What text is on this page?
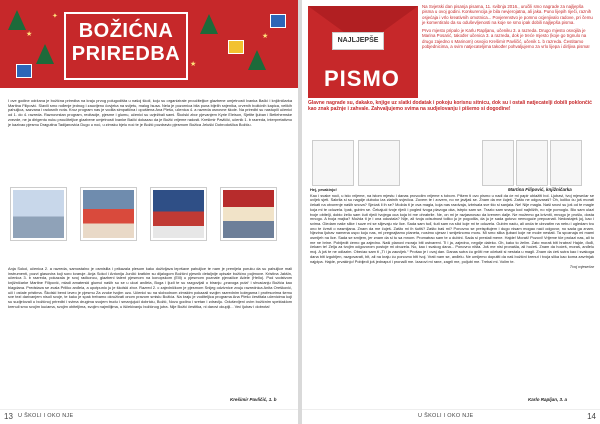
★
★
★
✦
BOŽIĆNA
PRIREDBA
I ove godine održana je božićna priredba na kraju prvog polugodišta u našoj školi, koju su organizirale proučiteljice glazbene umjetnosti Ivanka Bačić i knjižničarka Martina Filipović. Slavili smo rođenje jednog i zauvijeno čovjeka na svijetu, malog Isusa. Nela je pozornica bila puna bijelih snjenika, crvenih božićnih kapica, velikih pahuljica, sazvana i radosnih nota. Kroz program nas je vodila simpatična i opuštena Ana Plešo, učenica 4. a razreda osnovne škole. Na priredbi su nastupili učenici od 1. do 4. razreda. Raznovrstan program, recitacije, pjesme i glumu, učenici su uvježbali sami. Školski zbor pjevanjem Kyrie Eleison, Sjetite ljuban i Betlehemske zvezde, ne ja dirigentu nuku proučiteljice glazbene umjetnosti Ivanke Bačić dokazao da je Božić vrijeme radosti. Krešimir Pavličić, učenik 1. b razreda, interpretativno je kazivao pjesmu Dragutina Tadijanovića Dugo u noć, u zimsku bjelu noć te je Božić pozdravio pjesmom Božica Jelušić Dobrodošlica Božiću.
Anja Sokol, učenica 2. a razreda, samostalno je osmislila i prikazala plesom kako doživljava lepršave pahuljice te nam je prenijela poruku da su pahuljice mali instrumenti, pozvi glasovira koji soro kvaruje. Anja Sokol i Antonija Junčić kratkim su dijalogom Božićni pjesnik detaljnije opisale božićno pojimove. Kristina Jakšin, učenica 3. b razreda, pokazala je svoj radkoncu, glazbeni talent pjesmom na konopskom (Elli) u pjesmom poznate pjevačice Adele (Hello). Pod vodstvom knjižničarke Martine Filipović, mladi amaterski glumci naših su se u ulozi anđela, Boga i ljudi te su razgovijali o biranju „pravoga puta“ i shvaćanju Božića kao blagdana. Predstava se zvala Priliko anđela, a upotpunio ju je školski zbor. Razred 2. c zajedničkom je pjesmom Snijeg odzivnice zvuju razrednica Anita Orešković, uči i ostale pristima. Školski bend izveo je pjesmu Za zvuke tvojim uzu. Učenici su na slobodnom zimskim pokazali svojim razrednim kolegama i profesorima šemu sve tezi darivanjem nisoli svoje, te kako je spak trebamo okruživati onom pravom smislu Božića. Na kraju je voditeljica programa Ana Plešo čestitala učenicima koji su sudjelovali u božićnoj priredbi i svima drugima svojem trudu i smanjujući dobriciu, Božić, Novu godinu i sretan i zdravlju. Oduševljeni ovim božićnim spektaklom krenuli smo svojim kućama, svojim obiteljima, svojim najmilijima, u iščekivanju božićnog jutra. Nije Božić čestitka, ni darovi okuplji... Već ljubav i dobrota!
Krešimir Pavličić, 1. b
13 U ŠKOLI I OKO NJE
NAJLJEPŠE
PISMO

Na Svjetski dan pisanja pisama, 11. svibnja 2016., uručili smo nagrade za najljepša pisma u ovoj godini. Konkurencija je bila nevjerojatna, ali jaka. Puno lijepih riječi, raznih osjećaja i vrlo kreativnih omotnica... Povjerenstvo je pomno ocjenjivalo radove, pri čemu je komentiralo da su oduševljenosti na koje se smo ipak dobili najljepša pisma.

Prvo mjesto pripalo je Karlu Rapljanu, učeniku 3. a razreda. Drugo mjesto osvojila je Marina Posarić, također učenica 3. a razreda, dok je treće mjesto (koje go trgnulo na drugo zajedno s Marinom) osvojio Krešimir Pavličić, učenik 1. b razreda. Čestitamo pobjednicima, a svim natjecateljima također pohvaljujemo za vrlo lijepa i dirljiva pisma!

Glavne nagrade su, dakako, knjige uz slatki dodatak i pokoju korisnu sitnicu, dok su i ostali natjecatelji dobili poklončić kao znak pažnje i zahvale. Zahvaljujemo svima na sudjelovanju i pišemo si dogodine!
Martina Filipović, knjižničarka
Hej, prvakinjo!
Kao i svake noći, u isto vrijeme, na istom mjestu i danas provodim vrijeme s tobom. Pišem ti ovo pismo u nadi da će mi papir ublažiti bol. Ljubavi, tvoj mjesečar se uvijek sjeti. Sakrila si su nagdje duboko iza zlatnih svjećica. Zovem te i zovem, no ne javljaš se. Znam da me čuješ. Zašto ne odgovaraš? Oh, koliko ću još morati čekati na otvorenje naših snova? Sjećaš li ih se? Možda ti je ova magla, koja nas razdvaja, izbrisala sve što si sanjala. Ne! Nije magla. Naši snovi su još od te magle koja mi te oduzela. Ipak, gubim se. Čekajući tvoje riječi i pogled tvoga plavoga oka, istrpio sam se. Trazio sam snagu kod najbližih, no nije pomoglo. Bio sam ulazi tvoje obitelji, dobio želio sam čuti riječi tvojega oca koja bi me ohrabrile. Ne, on mi je razjasnovao da krenem dalje. Ne možemo ga krivniti, mnogo je prošlo, dosta mnogo. A tvoja majka? Možda ti je i ona odustala? Nije, ali tvoja odsutnost toliko ju je pogodila, da ju je sada gotovo nemoguće prepoznati. Nedostaješ joj, kao i svima. Gledam naše slike i suze mi se slijevaju niz lice. Sada sam tuđ, šuti sam na slici koje mi te oduzela. Gubim nadu, ali onda te ubrzatim na nebu i ugledam tvu ono te čvrsti o nasmijana. Znam da me čuješ. Zašto mi ih šutiš? Zašto baš mi? Ponovno se preispitujem i dugo nisam mogao naći odgovor, no sada ga znam. Njezina ljubav namena uspo koju nas, mi pregnajtamo planeta, nosimo ujesar i smiješnomu moru. Mi smo slika ljubavi koje ne može nestati. Ta spoznaja mi mami osmijeh na lice. Sada se smijem, jer znam da si tu sa mnom. Promatrao sam te u dubini. Sada si prestali mene. Hajde! Moraš! Pozovi! Vrijeme tče prolazi nas, ali to me ne brine. Pobijedit ćemo ga zajedno. Naši planovi morajo biti ostvareni. Ti i ja, zajedno, negdje daleko. Oh, kako to želim. Zato moraš biti hrabra! Hajde, đođi, čekam te! Zelja za tvojim odgovorom postoje mi obuzela. No, kao i svakog dana... Ponovno ništa. Još me nisi pronašla, ali hoćeš. Znam da hoćeš, moraš, anđelu moj. A još te ne odlazim. Obećao sam ti „Ti i ja zauvijek.“ Prošao je i ovaj dan. Danas sutra ću grčiti me očekati si nestala u magli. Znam da ćeš sutra kao i svakoga dana biti izgubljen, razgovarati, bit, ali na kraju ću ponovno biti tvoj. Vrati nam se, anđelu. Ne umijemo doputiti da naš božićni krenut i tvoja slika kao koma zavrtnjak najpipa. Hajde, prvakinjo! Pobijedi još jednaput i pronađi me. Izazovi mi rane, zagrli me, poljubi me. Trebai mi. Volim te.
Tvoj mjesečar
Karlo Rapljan, 3. a
U ŠKOLI I OKO NJE	14
